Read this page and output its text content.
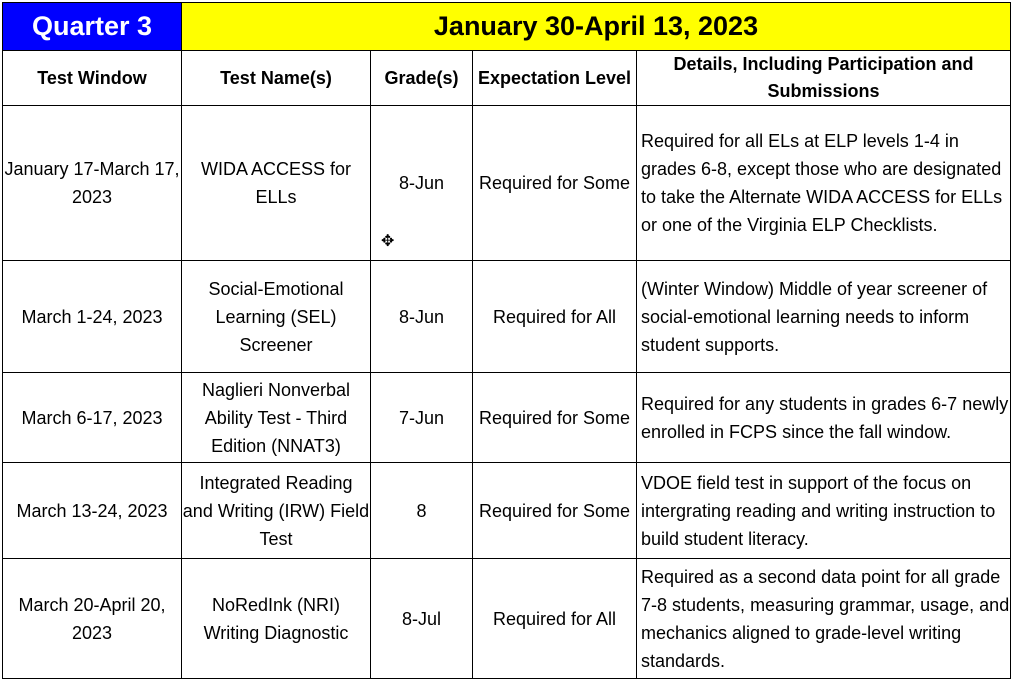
Quarter 3	January 30-April 13, 2023			
Test Window	Test Name(s)	Grade(s)	Expectation Level	Details, Including Participation and Submissions
January 17-March 17, 2023	WIDA ACCESS for ELLs	8-Jun	Required for Some	Required for all ELs at ELP levels 1-4 in grades 6-8, except those who are designated to take the Alternate WIDA ACCESS for ELLs or one of the Virginia ELP Checklists.
March 1-24, 2023	Social-Emotional Learning (SEL) Screener	8-Jun	Required for All	(Winter Window) Middle of year screener of social-emotional learning needs to inform student supports.
March 6-17, 2023	Naglieri Nonverbal Ability Test - Third Edition (NNAT3)	7-Jun	Required for Some	Required for any students in grades 6-7 newly enrolled in FCPS since the fall window.
March 13-24, 2023	Integrated Reading and Writing (IRW) Field Test	8	Required for Some	VDOE field test in support of the focus on intergrating reading and writing instruction to build student literacy.
March 20-April 20, 2023	NoRedInk (NRI) Writing Diagnostic	8-Jul	Required for All	Required as a second data point for all grade 7-8 students, measuring grammar, usage, and mechanics aligned to grade-level writing standards.
✥
